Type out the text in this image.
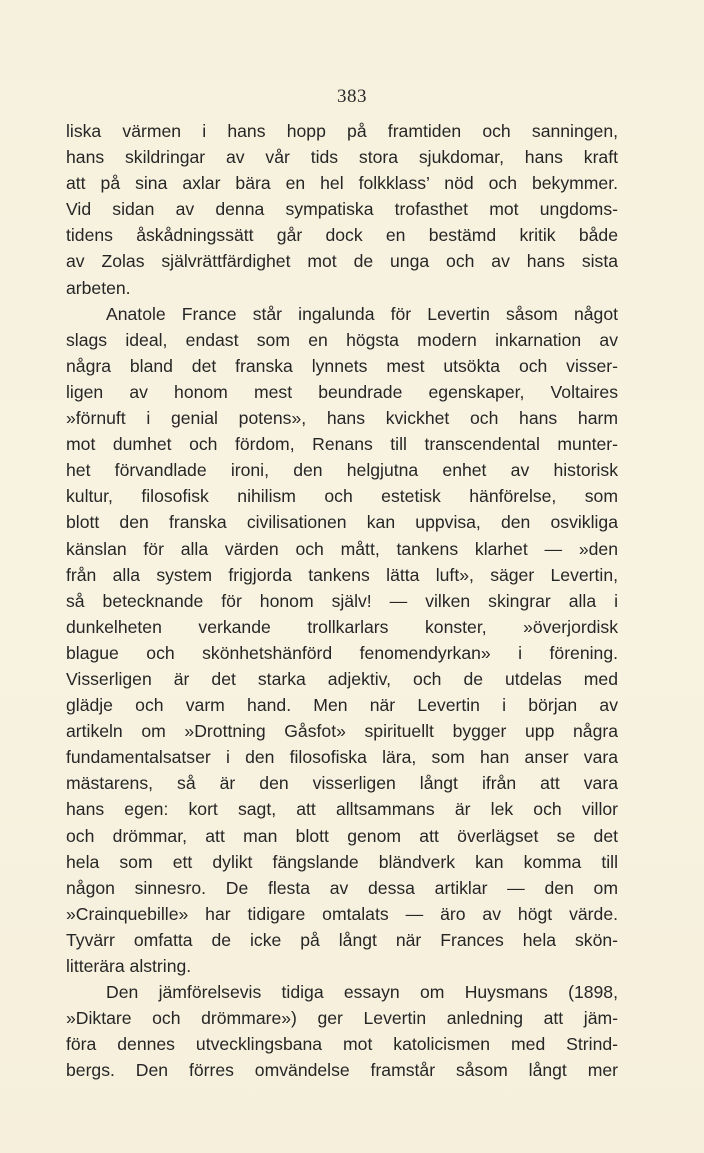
383
liska värmen i hans hopp på framtiden och sanningen,
hans skildringar av vår tids stora sjukdomar, hans kraft
att på sina axlar bära en hel folkklass’ nöd och bekymmer.
Vid sidan av denna sympatiska trofasthet mot ungdoms-
tidens åskådningssätt går dock en bestämd kritik både
av Zolas självrättfärdighet mot de unga och av hans sista
arbeten.
Anatole France står ingalunda för Levertin såsom något
slags ideal, endast som en högsta modern inkarnation av
några bland det franska lynnets mest utsökta och visser-
ligen av honom mest beundrade egenskaper, Voltaires
»förnuft i genial potens», hans kvickhet och hans harm
mot dumhet och fördom, Renans till transcendental munter-
het förvandlade ironi, den helgjutna enhet av historisk
kultur, filosofisk nihilism och estetisk hänförelse, som
blott den franska civilisationen kan uppvisa, den osvikliga
känslan för alla värden och mått, tankens klarhet — »den
från alla system frigjorda tankens lätta luft», säger Levertin,
så betecknande för honom själv! — vilken skingrar alla i
dunkelheten verkande trollkarlars konster, »överjordisk
blague och skönhetshänförd fenomendyrkan» i förening.
Visserligen är det starka adjektiv, och de utdelas med
glädje och varm hand. Men när Levertin i början av
artikeln om »Drottning Gåsfot» spirituellt bygger upp några
fundamentalsatser i den filosofiska lära, som han anser vara
mästarens, så är den visserligen långt ifrån att vara
hans egen: kort sagt, att alltsammans är lek och villor
och drömmar, att man blott genom att överlägset se det
hela som ett dylikt fängslande bländverk kan komma till
någon sinnesro. De flesta av dessa artiklar — den om
»Crainquebille» har tidigare omtalats — äro av högt värde.
Tyvärr omfatta de icke på långt när Frances hela skön-
litterära alstring.
Den jämförelsevis tidiga essayn om Huysmans (1898,
»Diktare och drömmare») ger Levertin anledning att jäm-
föra dennes utvecklingsbana mot katolicismen med Strind-
bergs. Den förres omvändelse framstår såsom långt mer
